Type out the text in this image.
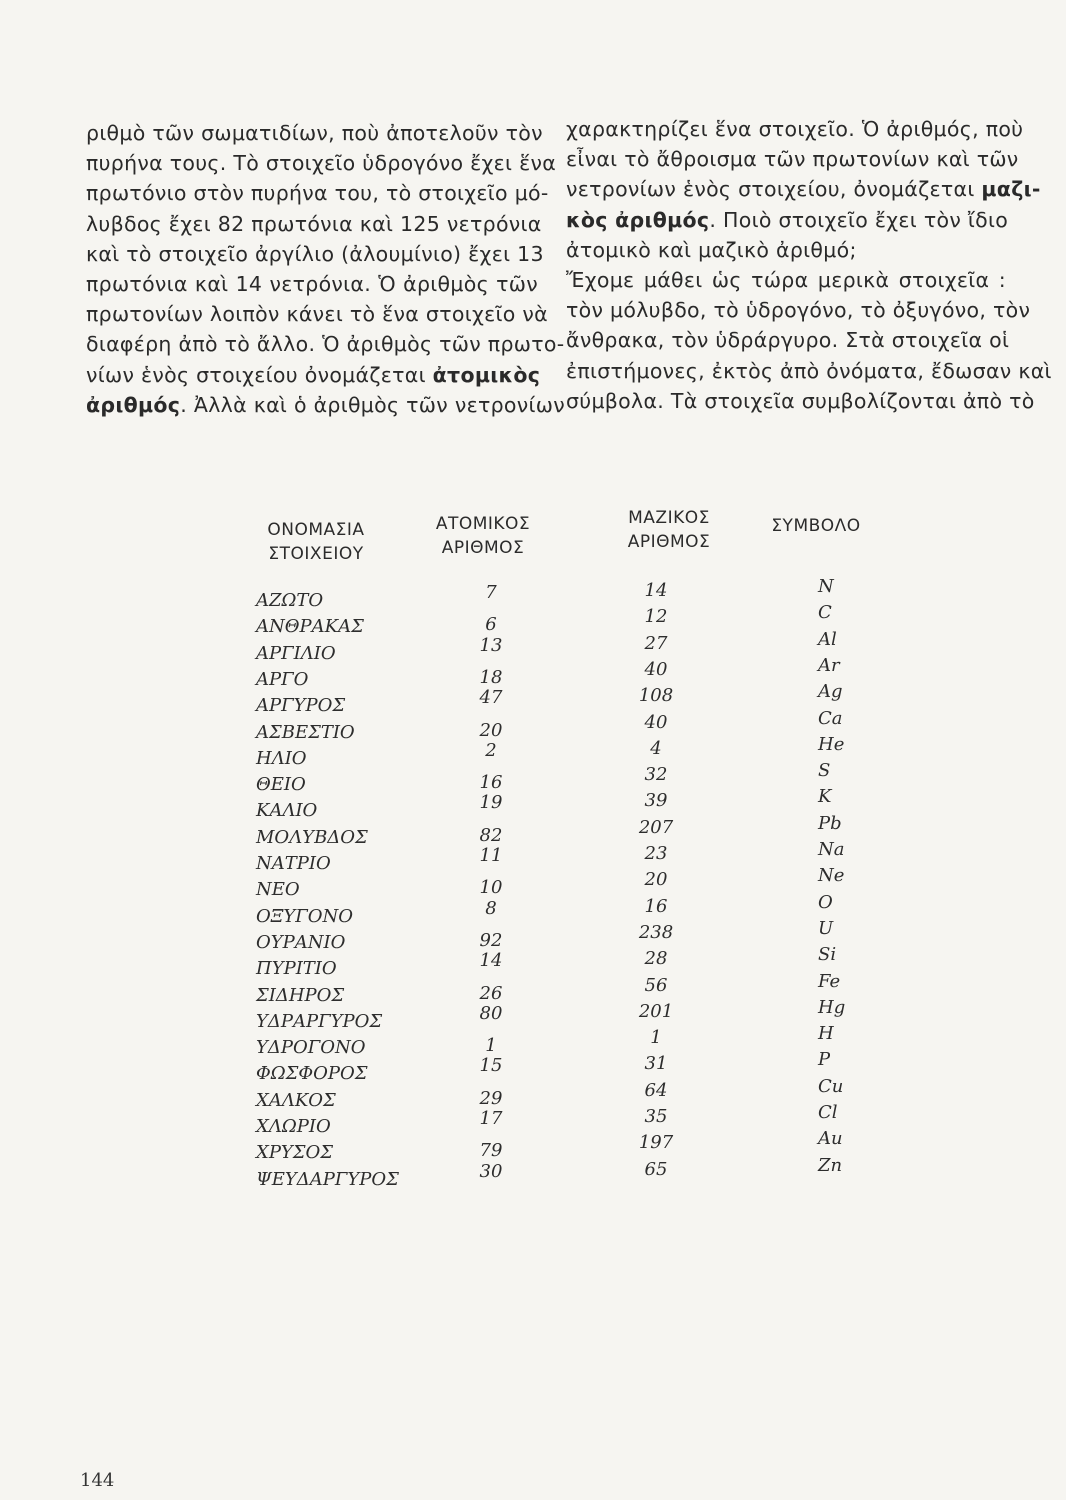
ριθμὸ τῶν σωματιδίων, ποὺ ἀποτελοῦν τὸν
πυρήνα τους. Τὸ στοιχεῖο ὑδρογόνο ἔχει ἕνα
πρωτόνιο στὸν πυρήνα του, τὸ στοιχεῖο μό-
λυβδος ἔχει 82 πρωτόνια καὶ 125 νετρόνια
καὶ τὸ στοιχεῖο ἀργίλιο (ἀλουμίνιο) ἔχει 13
πρωτόνια καὶ 14 νετρόνια. Ὁ ἀριθμὸς τῶν
πρωτονίων λοιπὸν κάνει τὸ ἕνα στοιχεῖο νὰ
διαφέρη ἀπὸ τὸ ἄλλο. Ὁ ἀριθμὸς τῶν πρωτο-
νίων ἑνὸς στοιχείου ὀνομάζεται ἀτομικὸς
ἀριθμός. Ἀλλὰ καὶ ὁ ἀριθμὸς τῶν νετρονίων
χαρακτηρίζει ἕνα στοιχεῖο. Ὁ ἀριθμός, ποὺ
εἶναι τὸ ἄθροισμα τῶν πρωτονίων καὶ τῶν
νετρονίων ἑνὸς στοιχείου, ὀνομάζεται μαζι-
κὸς ἀριθμός. Ποιὸ στοιχεῖο ἔχει τὸν ἴδιο
ἀτομικὸ καὶ μαζικὸ ἀριθμό;
Ἔχομε μάθει ὡς τώρα μερικὰ στοιχεῖα :
τὸν μόλυβδο, τὸ ὑδρογόνο, τὸ ὀξυγόνο, τὸν
ἄνθρακα, τὸν ὑδράργυρο. Στὰ στοιχεῖα οἱ
ἐπιστήμονες, ἐκτὸς ἀπὸ ὀνόματα, ἔδωσαν καὶ
σύμβολα. Τὰ στοιχεῖα συμβολίζονται ἀπὸ τὸ
ΟΝΟΜΑΣΙΑ
ΣΤΟΙΧΕΙΟΥ
ΑΤΟΜΙΚΟΣ
ΑΡΙΘΜΟΣ
ΜΑΖΙΚΟΣ
ΑΡΙΘΜΟΣ
ΣΥΜΒΟΛΟ
ΑΖΩΤΟ	7	14	N
ΑΝΘΡΑΚΑΣ	6	12	C
ΑΡΓΙΛΙΟ	13	27	Al
ΑΡΓΟ	18	40	Ar
ΑΡΓΥΡΟΣ	47	108	Ag
ΑΣΒΕΣΤΙΟ	20	40	Ca
ΗΛΙΟ	2	4	He
ΘΕΙΟ	16	32	S
ΚΑΛΙΟ	19	39	K
ΜΟΛΥΒΔΟΣ	82	207	Pb
ΝΑΤΡΙΟ	11	23	Na
ΝΕΟ	10	20	Ne
ΟΞΥΓΟΝΟ	8	16	O
ΟΥΡΑΝΙΟ	92	238	U
ΠΥΡΙΤΙΟ	14	28	Si
ΣΙΔΗΡΟΣ	26	56	Fe
ΥΔΡΑΡΓΥΡΟΣ	80	201	Hg
ΥΔΡΟΓΟΝΟ	1	1	H
ΦΩΣΦΟΡΟΣ	15	31	P
ΧΑΛΚΟΣ	29	64	Cu
ΧΛΩΡΙΟ	17	35	Cl
ΧΡΥΣΟΣ	79	197	Au
ΨΕΥΔΑΡΓΥΡΟΣ	30	65	Zn
144
